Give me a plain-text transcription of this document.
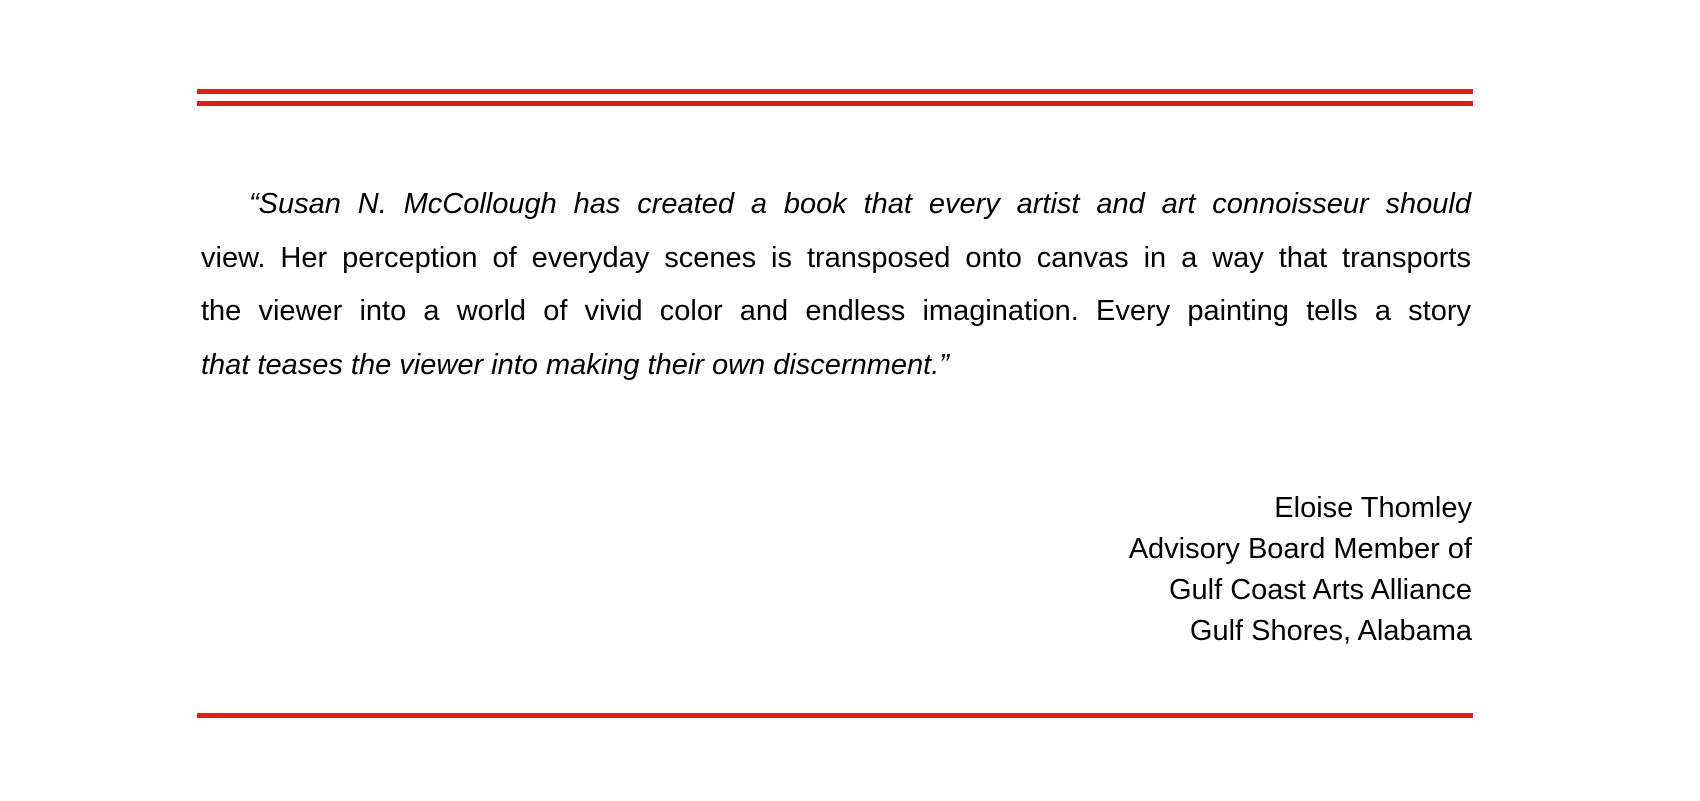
“Susan N. McCollough has created a book that every artist and art connoisseur should
view. Her perception of everyday scenes is transposed onto canvas in a way that transports
the viewer into a world of vivid color and endless imagination. Every painting tells a story
that teases the viewer into making their own discernment.”
Eloise Thomley
Advisory Board Member of
Gulf Coast Arts Alliance
Gulf Shores, Alabama
